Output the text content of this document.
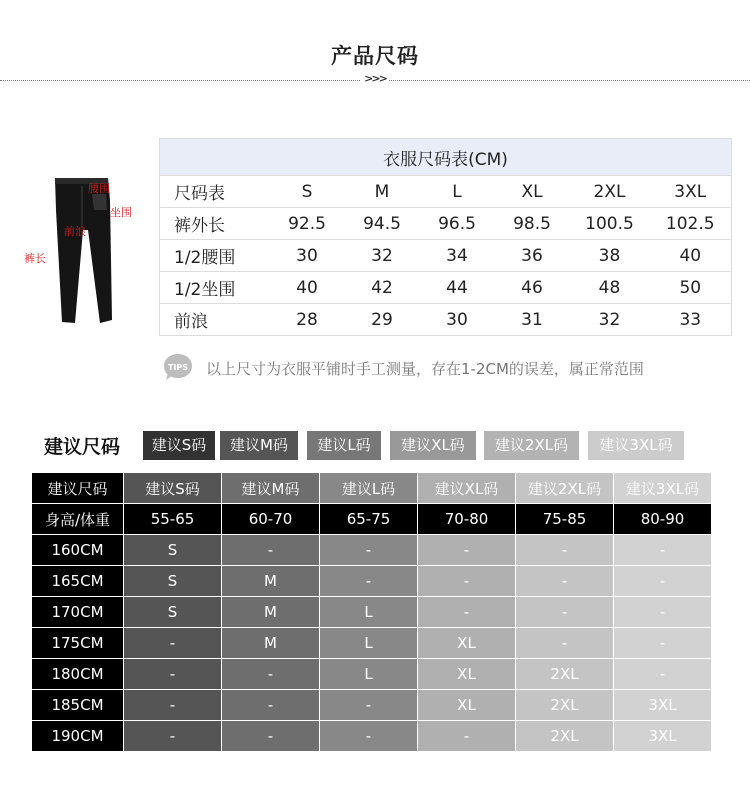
产品尺码
>>>
腰围
坐围
前浪
裤长
衣服尺码表(CM)						
尺码表	S	M	L	XL	2XL	3XL
裤外长	92.5	94.5	96.5	98.5	100.5	102.5
1/2腰围	30	32	34	36	38	40
1/2坐围	40	42	44	46	48	50
前浪	28	29	30	31	32	33
TIPS 以上尺寸为衣服平铺时手工测量，存在1-2CM的误差，属正常范围
建议尺码	建议S码	建议M码	建议L码	建议XL码	建议2XL码	建议3XL码
建议尺码	建议S码	建议M码	建议L码	建议XL码	建议2XL码	建议3XL码
身高/体重	55-65	60-70	65-75	70-80	75-85	80-90
160CM	S	-	-	-	-	-
165CM	S	M	-	-	-	-
170CM	S	M	L	-	-	-
175CM	-	M	L	XL	-	-
180CM	-	-	L	XL	2XL	-
185CM	-	-	-	XL	2XL	3XL
190CM	-	-	-	-	2XL	3XL
